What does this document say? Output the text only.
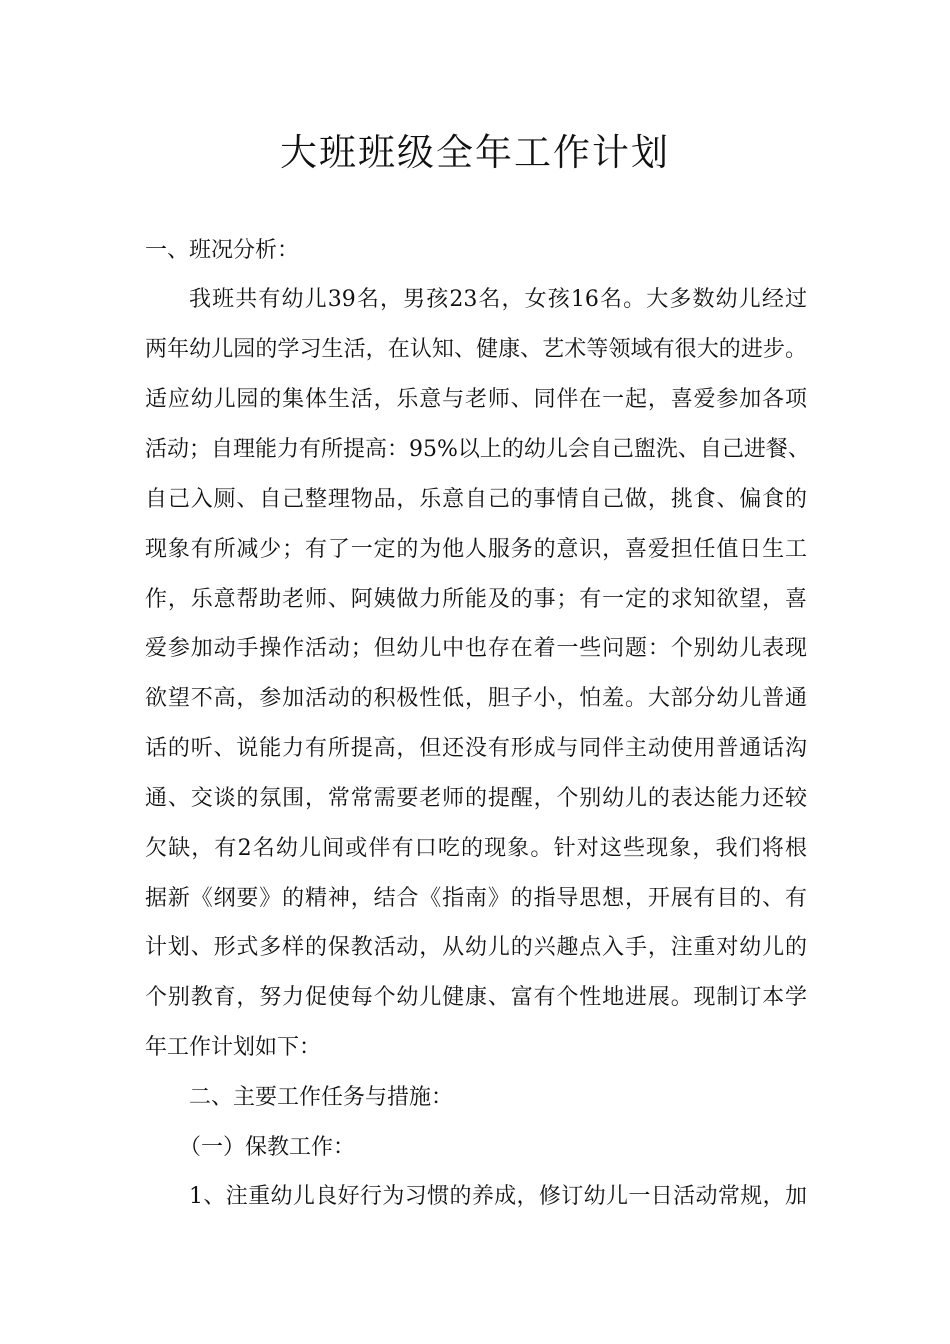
大班班级全年工作计划

一、班况分析：

我班共有幼儿39名，男孩23名，女孩16名。大多数幼儿经过

两年幼儿园的学习生活，在认知、健康、艺术等领域有很大的进步。

适应幼儿园的集体生活，乐意与老师、同伴在一起，喜爱参加各项

活动；自理能力有所提高：95%以上的幼儿会自己盥洗、自己进餐、

自己入厕、自己整理物品，乐意自己的事情自己做，挑食、偏食的

现象有所减少；有了一定的为他人服务的意识，喜爱担任值日生工

作，乐意帮助老师、阿姨做力所能及的事；有一定的求知欲望，喜

爱参加动手操作活动；但幼儿中也存在着一些问题：个别幼儿表现

欲望不高，参加活动的积极性低，胆子小，怕羞。大部分幼儿普通

话的听、说能力有所提高，但还没有形成与同伴主动使用普通话沟

通、交谈的氛围，常常需要老师的提醒，个别幼儿的表达能力还较

欠缺，有2名幼儿间或伴有口吃的现象。针对这些现象，我们将根

据新《纲要》的精神，结合《指南》的指导思想，开展有目的、有

计划、形式多样的保教活动，从幼儿的兴趣点入手，注重对幼儿的

个别教育，努力促使每个幼儿健康、富有个性地进展。现制订本学

年工作计划如下：

二、主要工作任务与措施：

（一）保教工作：

1、注重幼儿良好行为习惯的养成，修订幼儿一日活动常规，加
